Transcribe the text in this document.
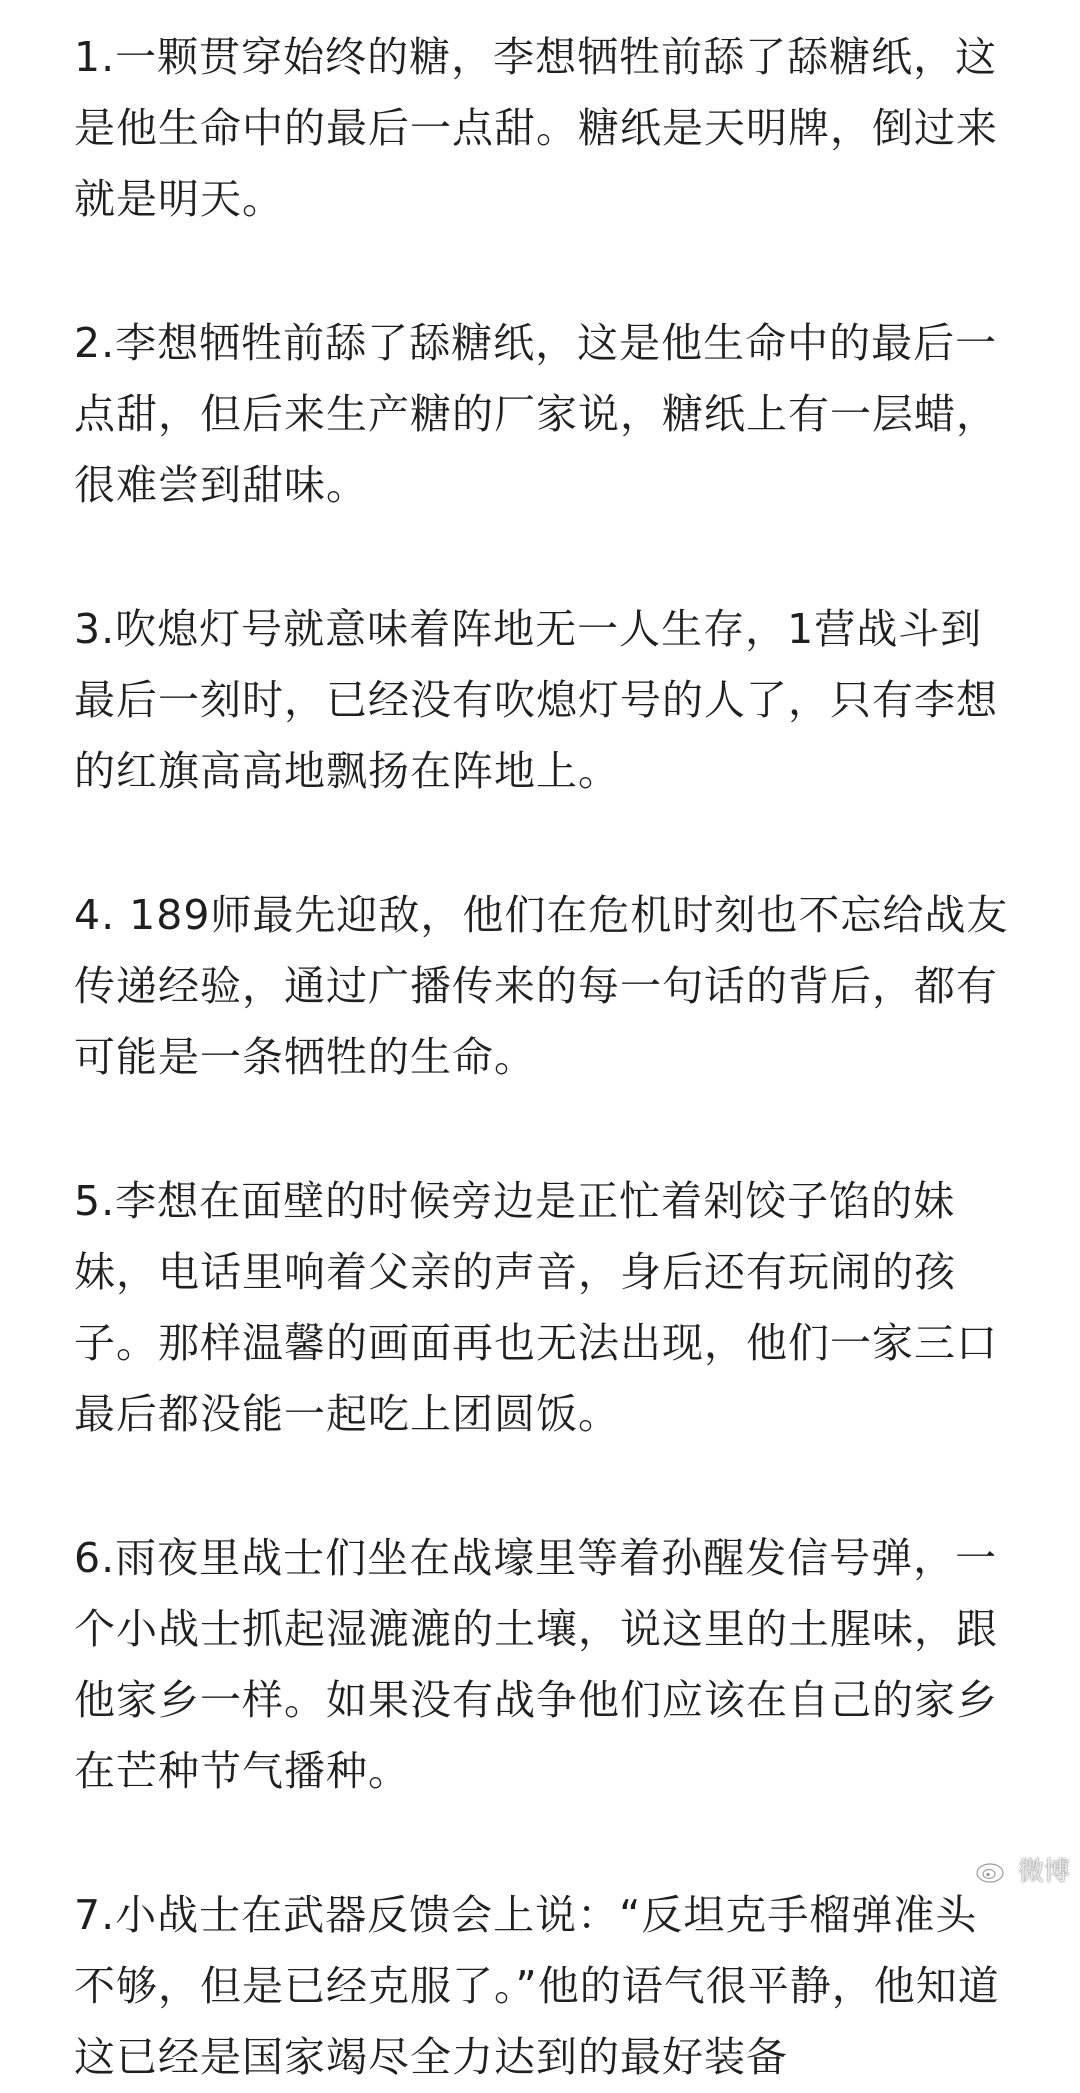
1.一颗贯穿始终的糖，李想牺牲前舔了舔糖纸，这是他生命中的最后一点甜。糖纸是天明牌，倒过来就是明天。

2.李想牺牲前舔了舔糖纸，这是他生命中的最后一点甜，但后来生产糖的厂家说，糖纸上有一层蜡，很难尝到甜味。

3.吹熄灯号就意味着阵地无一人生存，1营战斗到最后一刻时，已经没有吹熄灯号的人了，只有李想的红旗高高地飘扬在阵地上。

4. 189师最先迎敌，他们在危机时刻也不忘给战友传递经验，通过广播传来的每一句话的背后，都有可能是一条牺牲的生命。

5.李想在面壁的时候旁边是正忙着剁饺子馅的妹妹，电话里响着父亲的声音，身后还有玩闹的孩子。那样温馨的画面再也无法出现，他们一家三口最后都没能一起吃上团圆饭。

6.雨夜里战士们坐在战壕里等着孙醒发信号弹，一个小战士抓起湿漉漉的土壤，说这里的土腥味，跟他家乡一样。如果没有战争他们应该在自己的家乡在芒种节气播种。

7.小战士在武器反馈会上说：“反坦克手榴弹准头不够，但是已经克服了。”他的语气很平静，他知道这已经是国家竭尽全力达到的最好装备

微博
